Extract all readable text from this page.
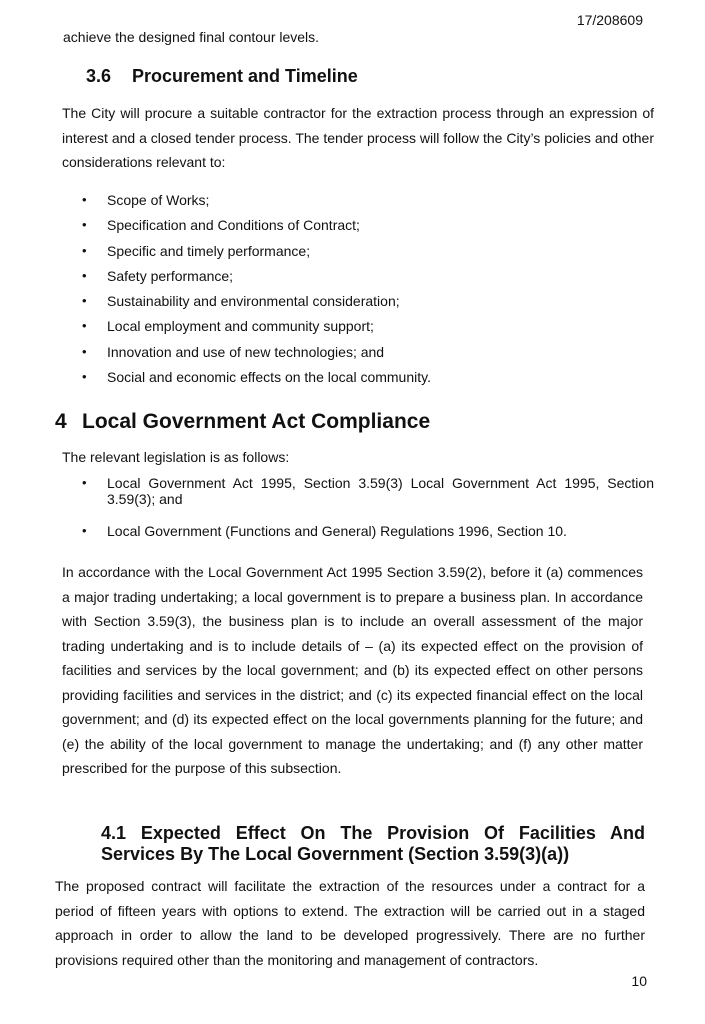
17/208609
achieve the designed final contour levels.
3.6 Procurement and Timeline
The City will procure a suitable contractor for the extraction process through an expression of interest and a closed tender process. The tender process will follow the City’s policies and other considerations relevant to:
• Scope of Works;
• Specification and Conditions of Contract;
• Specific and timely performance;
• Safety performance;
• Sustainability and environmental consideration;
• Local employment and community support;
• Innovation and use of new technologies; and
• Social and economic effects on the local community.
4 Local Government Act Compliance
The relevant legislation is as follows:
• Local Government Act 1995, Section 3.59(3) Local Government Act 1995, Section 3.59(3); and
• Local Government (Functions and General) Regulations 1996, Section 10.
In accordance with the Local Government Act 1995 Section 3.59(2), before it (a) commences a major trading undertaking; a local government is to prepare a business plan. In accordance with Section 3.59(3), the business plan is to include an overall assessment of the major trading undertaking and is to include details of – (a) its expected effect on the provision of facilities and services by the local government; and (b) its expected effect on other persons providing facilities and services in the district; and (c) its expected financial effect on the local government; and (d) its expected effect on the local governments planning for the future; and (e) the ability of the local government to manage the undertaking; and (f) any other matter prescribed for the purpose of this subsection.
4.1 Expected Effect On The Provision Of Facilities And Services By The Local Government (Section 3.59(3)(a))
The proposed contract will facilitate the extraction of the resources under a contract for a period of fifteen years with options to extend. The extraction will be carried out in a staged approach in order to allow the land to be developed progressively. There are no further provisions required other than the monitoring and management of contractors.
10
